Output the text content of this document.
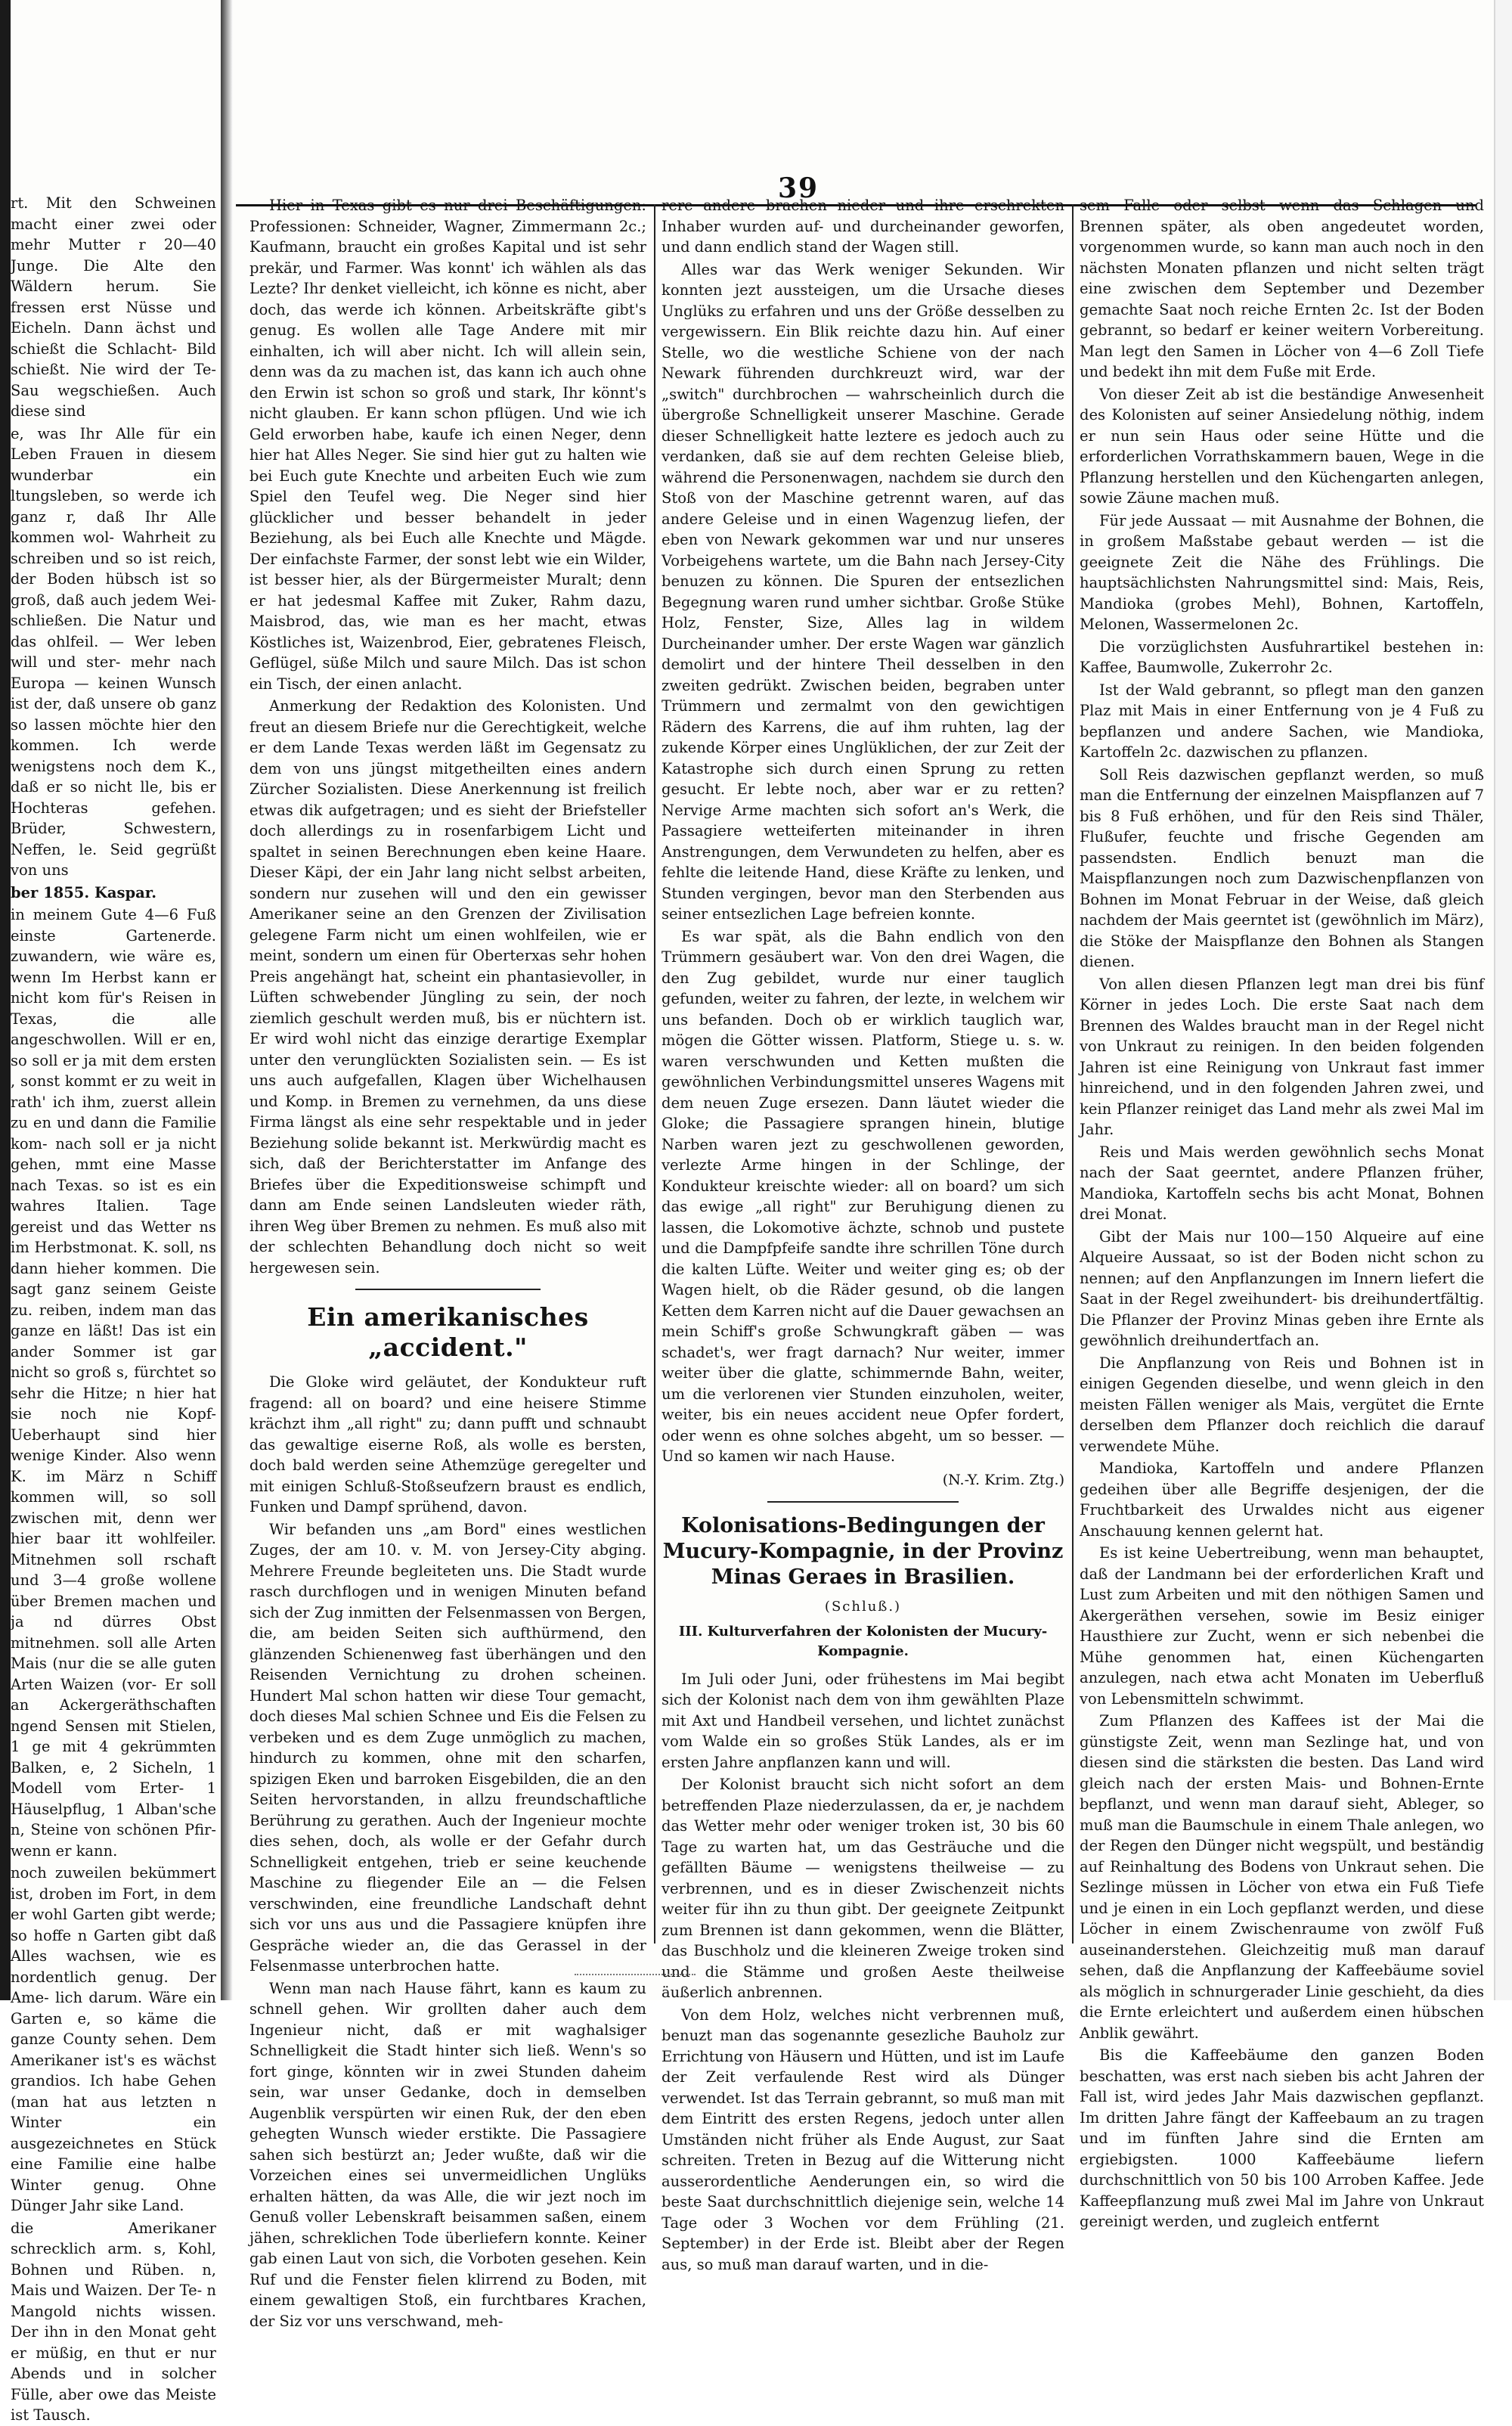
rt. Mit den Schweinen macht einer zwei oder mehr Mutter r 20—40 Junge. Die Alte den Wäldern herum. Sie fressen erst Nüsse und Eicheln. Dann ächst und schießt die Schlacht- Bild schießt. Nie wird der Te- Sau wegschießen. Auch diese sind

e, was Ihr Alle für ein Leben Frauen in diesem wunderbar ein ltungsleben, so werde ich ganz r, daß Ihr Alle kommen wol- Wahrheit zu schreiben und so ist reich, der Boden hübsch ist so groß, daß auch jedem Wei- schließen. Die Natur und das ohlfeil. — Wer leben will und ster- mehr nach Europa — keinen Wunsch ist der, daß unsere ob ganz so lassen möchte hier den kommen. Ich werde wenigstens noch dem K., daß er so nicht lle, bis er Hochteras gefehen. Brüder, Schwestern, Neffen, le. Seid gegrüßt von uns

ber 1855. Kaspar.

in meinem Gute 4—6 Fuß einste Gartenerde. zuwandern, wie wäre es, wenn Im Herbst kann er nicht kom für's Reisen in Texas, die alle angeschwollen. Will er en, so soll er ja mit dem ersten , sonst kommt er zu weit in rath' ich ihm, zuerst allein zu en und dann die Familie kom- nach soll er ja nicht gehen, mmt eine Masse nach Texas. so ist es ein wahres Italien. Tage gereist und das Wetter ns im Herbstmonat. K. soll, ns dann hieher kommen. Die sagt ganz seinem Geiste zu. reiben, indem man das ganze en läßt! Das ist ein ander Sommer ist gar nicht so groß s, fürchtet so sehr die Hitze; n hier hat sie noch nie Kopf- Ueberhaupt sind hier wenige Kinder. Also wenn K. im März n Schiff kommen will, so soll zwischen mit, denn wer hier baar itt wohlfeiler. Mitnehmen soll rschaft und 3—4 große wollene über Bremen machen und ja nd dürres Obst mitnehmen. soll alle Arten Mais (nur die se alle guten Arten Waizen (vor- Er soll an Ackergeräthschaften ngend Sensen mit Stielen, 1 ge mit 4 gekrümmten Balken, e, 2 Sicheln, 1 Modell vom Erter- 1 Häuselpflug, 1 Alban'sche n, Steine von schönen Pfir- wenn er kann.

noch zuweilen bekümmert ist, droben im Fort, in dem er wohl Garten gibt werde; so hoffe n Garten gibt daß Alles wachsen, wie es nordentlich genug. Der Ame- lich darum. Wäre ein Garten e, so käme die ganze County sehen. Dem Amerikaner ist's es wächst grandios. Ich habe Gehen (man hat aus letzten n Winter ein ausgezeichnetes en Stück eine Familie eine halbe Winter genug. Ohne Dünger Jahr sike Land.

die Amerikaner schrecklich arm. s, Kohl, Bohnen und Rüben. n, Mais und Waizen. Der Te- n Mangold nichts wissen. Der ihn in den Monat geht er müßig, en thut er nur Abends und in solcher Fülle, aber owe das Meiste ist Tausch.

39

Hier in Texas gibt es nur drei Beschäftigungen: Professionen: Schneider, Wagner, Zimmermann 2c.; Kaufmann, braucht ein großes Kapital und ist sehr prekär, und Farmer. Was konnt' ich wählen als das Lezte? Ihr denket vielleicht, ich könne es nicht, aber doch, das werde ich können. Arbeitskräfte gibt's genug. Es wollen alle Tage Andere mit mir einhalten, ich will aber nicht. Ich will allein sein, denn was da zu machen ist, das kann ich auch ohne den Erwin ist schon so groß und stark, Ihr könnt's nicht glauben. Er kann schon pflügen. Und wie ich Geld erworben habe, kaufe ich einen Neger, denn hier hat Alles Neger. Sie sind hier gut zu halten wie bei Euch gute Knechte und arbeiten Euch wie zum Spiel den Teufel weg. Die Neger sind hier glücklicher und besser behandelt in jeder Beziehung, als bei Euch alle Knechte und Mägde. Der einfachste Farmer, der sonst lebt wie ein Wilder, ist besser hier, als der Bürgermeister Muralt; denn er hat jedesmal Kaffee mit Zuker, Rahm dazu, Maisbrod, das, wie man es her macht, etwas Köstliches ist, Waizenbrod, Eier, gebratenes Fleisch, Geflügel, süße Milch und saure Milch. Das ist schon ein Tisch, der einen anlacht.

Anmerkung der Redaktion des Kolonisten. Und freut an diesem Briefe nur die Gerechtigkeit, welche er dem Lande Texas werden läßt im Gegensatz zu dem von uns jüngst mitgetheilten eines andern Zürcher Sozialisten. Diese Anerkennung ist freilich etwas dik aufgetragen; und es sieht der Briefsteller doch allerdings zu in rosenfarbigem Licht und spaltet in seinen Berechnungen eben keine Haare. Dieser Käpi, der ein Jahr lang nicht selbst arbeiten, sondern nur zusehen will und den ein gewisser Amerikaner seine an den Grenzen der Zivilisation gelegene Farm nicht um einen wohlfeilen, wie er meint, sondern um einen für Oberterxas sehr hohen Preis angehängt hat, scheint ein phantasievoller, in Lüften schwebender Jüngling zu sein, der noch ziemlich geschult werden muß, bis er nüchtern ist. Er wird wohl nicht das einzige derartige Exemplar unter den verunglückten Sozialisten sein. — Es ist uns auch aufgefallen, Klagen über Wichelhausen und Komp. in Bremen zu vernehmen, da uns diese Firma längst als eine sehr respektable und in jeder Beziehung solide bekannt ist. Merkwürdig macht es sich, daß der Berichterstatter im Anfange des Briefes über die Expeditionsweise schimpft und dann am Ende seinen Landsleuten wieder räth, ihren Weg über Bremen zu nehmen. Es muß also mit der schlechten Behandlung doch nicht so weit hergewesen sein.

Ein amerikanisches „accident."

Die Gloke wird geläutet, der Kondukteur ruft fragend: all on board? und eine heisere Stimme krächzt ihm „all right" zu; dann pufft und schnaubt das gewaltige eiserne Roß, als wolle es bersten, doch bald werden seine Athemzüge geregelter und mit einigen Schluß-Stoßseufzern braust es endlich, Funken und Dampf sprühend, davon.

Wir befanden uns „am Bord" eines westlichen Zuges, der am 10. v. M. von Jersey-City abging. Mehrere Freunde begleiteten uns. Die Stadt wurde rasch durchflogen und in wenigen Minuten befand sich der Zug inmitten der Felsenmassen von Bergen, die, am beiden Seiten sich aufthürmend, den glänzenden Schienenweg fast überhängen und den Reisenden Vernichtung zu drohen scheinen. Hundert Mal schon hatten wir diese Tour gemacht, doch dieses Mal schien Schnee und Eis die Felsen zu verbeken und es dem Zuge unmöglich zu machen, hindurch zu kommen, ohne mit den scharfen, spizigen Eken und barroken Eisgebilden, die an den Seiten hervorstanden, in allzu freundschaftliche Berührung zu gerathen. Auch der Ingenieur mochte dies sehen, doch, als wolle er der Gefahr durch Schnelligkeit entgehen, trieb er seine keuchende Maschine zu fliegender Eile an — die Felsen verschwinden, eine freundliche Landschaft dehnt sich vor uns aus und die Passagiere knüpfen ihre Gespräche wieder an, die das Gerassel in der Felsenmasse unterbrochen hatte.

Wenn man nach Hause fährt, kann es kaum zu schnell gehen. Wir grollten daher auch dem Ingenieur nicht, daß er mit waghalsiger Schnelligkeit die Stadt hinter sich ließ. Wenn's so fort ginge, könnten wir in zwei Stunden daheim sein, war unser Gedanke, doch in demselben Augenblik verspürten wir einen Ruk, der den eben gehegten Wunsch wieder erstikte. Die Passagiere sahen sich bestürzt an; Jeder wußte, daß wir die Vorzeichen eines sei unvermeidlichen Unglüks erhalten hätten, da was Alle, die wir jezt noch im Genuß voller Lebenskraft beisammen saßen, einem jähen, schreklichen Tode überliefern konnte. Keiner gab einen Laut von sich, die Vorboten gesehen. Kein Ruf und die Fenster fielen klirrend zu Boden, mit einem gewaltigen Stoß, ein furchtbares Krachen, der Siz vor uns verschwand, meh-

rere andere brachen nieder und ihre erschrekten Inhaber wurden auf- und durcheinander geworfen, und dann endlich stand der Wagen still.

Alles war das Werk weniger Sekunden. Wir konnten jezt aussteigen, um die Ursache dieses Unglüks zu erfahren und uns der Größe desselben zu vergewissern. Ein Blik reichte dazu hin. Auf einer Stelle, wo die westliche Schiene von der nach Newark führenden durchkreuzt wird, war der „switch" durchbrochen — wahrscheinlich durch die übergroße Schnelligkeit unserer Maschine. Gerade dieser Schnelligkeit hatte leztere es jedoch auch zu verdanken, daß sie auf dem rechten Geleise blieb, während die Personenwagen, nachdem sie durch den Stoß von der Maschine getrennt waren, auf das andere Geleise und in einen Wagenzug liefen, der eben von Newark gekommen war und nur unseres Vorbeigehens wartete, um die Bahn nach Jersey-City benuzen zu können. Die Spuren der entsezlichen Begegnung waren rund umher sichtbar. Große Stüke Holz, Fenster, Size, Alles lag in wildem Durcheinander umher. Der erste Wagen war gänzlich demolirt und der hintere Theil desselben in den zweiten gedrükt. Zwischen beiden, begraben unter Trümmern und zermalmt von den gewichtigen Rädern des Karrens, die auf ihm ruhten, lag der zukende Körper eines Unglüklichen, der zur Zeit der Katastrophe sich durch einen Sprung zu retten gesucht. Er lebte noch, aber war er zu retten? Nervige Arme machten sich sofort an's Werk, die Passagiere wetteiferten miteinander in ihren Anstrengungen, dem Verwundeten zu helfen, aber es fehlte die leitende Hand, diese Kräfte zu lenken, und Stunden vergingen, bevor man den Sterbenden aus seiner entsezlichen Lage befreien konnte.

Es war spät, als die Bahn endlich von den Trümmern gesäubert war. Von den drei Wagen, die den Zug gebildet, wurde nur einer tauglich gefunden, weiter zu fahren, der lezte, in welchem wir uns befanden. Doch ob er wirklich tauglich war, mögen die Götter wissen. Platform, Stiege u. s. w. waren verschwunden und Ketten mußten die gewöhnlichen Verbindungsmittel unseres Wagens mit dem neuen Zuge ersezen. Dann läutet wieder die Gloke; die Passagiere sprangen hinein, blutige Narben waren jezt zu geschwollenen geworden, verlezte Arme hingen in der Schlinge, der Kondukteur kreischte wieder: all on board? um sich das ewige „all right" zur Beruhigung dienen zu lassen, die Lokomotive ächzte, schnob und pustete und die Dampfpfeife sandte ihre schrillen Töne durch die kalten Lüfte. Weiter und weiter ging es; ob der Wagen hielt, ob die Räder gesund, ob die langen Ketten dem Karren nicht auf die Dauer gewachsen an mein Schiff's große Schwungkraft gäben — was schadet's, wer fragt darnach? Nur weiter, immer weiter über die glatte, schimmernde Bahn, weiter, um die verlorenen vier Stunden einzuholen, weiter, weiter, bis ein neues accident neue Opfer fordert, oder wenn es ohne solches abgeht, um so besser. — Und so kamen wir nach Hause.

(N.-Y. Krim. Ztg.)
Kolonisations-Bedingungen der Mucury-Kompagnie, in der Provinz Minas Geraes in Brasilien.
(Schluß.)
III. Kulturverfahren der Kolonisten der Mucury-Kompagnie.

Im Juli oder Juni, oder frühestens im Mai begibt sich der Kolonist nach dem von ihm gewählten Plaze mit Axt und Handbeil versehen, und lichtet zunächst vom Walde ein so großes Stük Landes, als er im ersten Jahre anpflanzen kann und will.

Der Kolonist braucht sich nicht sofort an dem betreffenden Plaze niederzulassen, da er, je nachdem das Wetter mehr oder weniger troken ist, 30 bis 60 Tage zu warten hat, um das Gesträuche und die gefällten Bäume — wenigstens theilweise — zu verbrennen, und es in dieser Zwischenzeit nichts weiter für ihn zu thun gibt. Der geeignete Zeitpunkt zum Brennen ist dann gekommen, wenn die Blätter, das Buschholz und die kleineren Zweige troken sind und die Stämme und großen Aeste theilweise äußerlich anbrennen.

Von dem Holz, welches nicht verbrennen muß, benuzt man das sogenannte gesezliche Bauholz zur Errichtung von Häusern und Hütten, und ist im Laufe der Zeit verfaulende Rest wird als Dünger verwendet. Ist das Terrain gebrannt, so muß man mit dem Eintritt des ersten Regens, jedoch unter allen Umständen nicht früher als Ende August, zur Saat schreiten. Treten in Bezug auf die Witterung nicht ausserordentliche Aenderungen ein, so wird die beste Saat durchschnittlich diejenige sein, welche 14 Tage oder 3 Wochen vor dem Frühling (21. September) in der Erde ist. Bleibt aber der Regen aus, so muß man darauf warten, und in die-

sem Falle oder selbst wenn das Schlagen und Brennen später, als oben angedeutet worden, vorgenommen wurde, so kann man auch noch in den nächsten Monaten pflanzen und nicht selten trägt eine zwischen dem September und Dezember gemachte Saat noch reiche Ernten 2c. Ist der Boden gebrannt, so bedarf er keiner weitern Vorbereitung. Man legt den Samen in Löcher von 4—6 Zoll Tiefe und bedekt ihn mit dem Fuße mit Erde.

Von dieser Zeit ab ist die beständige Anwesenheit des Kolonisten auf seiner Ansiedelung nöthig, indem er nun sein Haus oder seine Hütte und die erforderlichen Vorrathskammern bauen, Wege in die Pflanzung herstellen und den Küchengarten anlegen, sowie Zäune machen muß.

Für jede Aussaat — mit Ausnahme der Bohnen, die in großem Maßstabe gebaut werden — ist die geeignete Zeit die Nähe des Frühlings. Die hauptsächlichsten Nahrungsmittel sind: Mais, Reis, Mandioka (grobes Mehl), Bohnen, Kartoffeln, Melonen, Wassermelonen 2c.

Die vorzüglichsten Ausfuhrartikel bestehen in: Kaffee, Baumwolle, Zukerrohr 2c.

Ist der Wald gebrannt, so pflegt man den ganzen Plaz mit Mais in einer Entfernung von je 4 Fuß zu bepflanzen und andere Sachen, wie Mandioka, Kartoffeln 2c. dazwischen zu pflanzen.

Soll Reis dazwischen gepflanzt werden, so muß man die Entfernung der einzelnen Maispflanzen auf 7 bis 8 Fuß erhöhen, und für den Reis sind Thäler, Flußufer, feuchte und frische Gegenden am passendsten. Endlich benuzt man die Maispflanzungen noch zum Dazwischenpflanzen von Bohnen im Monat Februar in der Weise, daß gleich nachdem der Mais geerntet ist (gewöhnlich im März), die Stöke der Maispflanze den Bohnen als Stangen dienen.

Von allen diesen Pflanzen legt man drei bis fünf Körner in jedes Loch. Die erste Saat nach dem Brennen des Waldes braucht man in der Regel nicht von Unkraut zu reinigen. In den beiden folgenden Jahren ist eine Reinigung von Unkraut fast immer hinreichend, und in den folgenden Jahren zwei, und kein Pflanzer reiniget das Land mehr als zwei Mal im Jahr.

Reis und Mais werden gewöhnlich sechs Monat nach der Saat geerntet, andere Pflanzen früher, Mandioka, Kartoffeln sechs bis acht Monat, Bohnen drei Monat.

Gibt der Mais nur 100—150 Alqueire auf eine Alqueire Aussaat, so ist der Boden nicht schon zu nennen; auf den Anpflanzungen im Innern liefert die Saat in der Regel zweihundert- bis dreihundertfältig. Die Pflanzer der Provinz Minas geben ihre Ernte als gewöhnlich dreihundertfach an.

Die Anpflanzung von Reis und Bohnen ist in einigen Gegenden dieselbe, und wenn gleich in den meisten Fällen weniger als Mais, vergütet die Ernte derselben dem Pflanzer doch reichlich die darauf verwendete Mühe.

Mandioka, Kartoffeln und andere Pflanzen gedeihen über alle Begriffe desjenigen, der die Fruchtbarkeit des Urwaldes nicht aus eigener Anschauung kennen gelernt hat.

Es ist keine Uebertreibung, wenn man behauptet, daß der Landmann bei der erforderlichen Kraft und Lust zum Arbeiten und mit den nöthigen Samen und Akergeräthen versehen, sowie im Besiz einiger Hausthiere zur Zucht, wenn er sich nebenbei die Mühe genommen hat, einen Küchengarten anzulegen, nach etwa acht Monaten im Ueberfluß von Lebensmitteln schwimmt.

Zum Pflanzen des Kaffees ist der Mai die günstigste Zeit, wenn man Sezlinge hat, und von diesen sind die stärksten die besten. Das Land wird gleich nach der ersten Mais- und Bohnen-Ernte bepflanzt, und wenn man darauf sieht, Ableger, so muß man die Baumschule in einem Thale anlegen, wo der Regen den Dünger nicht wegspült, und beständig auf Reinhaltung des Bodens von Unkraut sehen. Die Sezlinge müssen in Löcher von etwa ein Fuß Tiefe und je einen in ein Loch gepflanzt werden, und diese Löcher in einem Zwischenraume von zwölf Fuß auseinanderstehen. Gleichzeitig muß man darauf sehen, daß die Anpflanzung der Kaffeebäume soviel als möglich in schnurgerader Linie geschieht, da dies die Ernte erleichtert und außerdem einen hübschen Anblik gewährt.

Bis die Kaffeebäume den ganzen Boden beschatten, was erst nach sieben bis acht Jahren der Fall ist, wird jedes Jahr Mais dazwischen gepflanzt. Im dritten Jahre fängt der Kaffeebaum an zu tragen und im fünften Jahre sind die Ernten am ergiebigsten. 1000 Kaffeebäume liefern durchschnittlich von 50 bis 100 Arroben Kaffee. Jede Kaffeepflanzung muß zwei Mal im Jahre von Unkraut gereinigt werden, und zugleich entfernt
